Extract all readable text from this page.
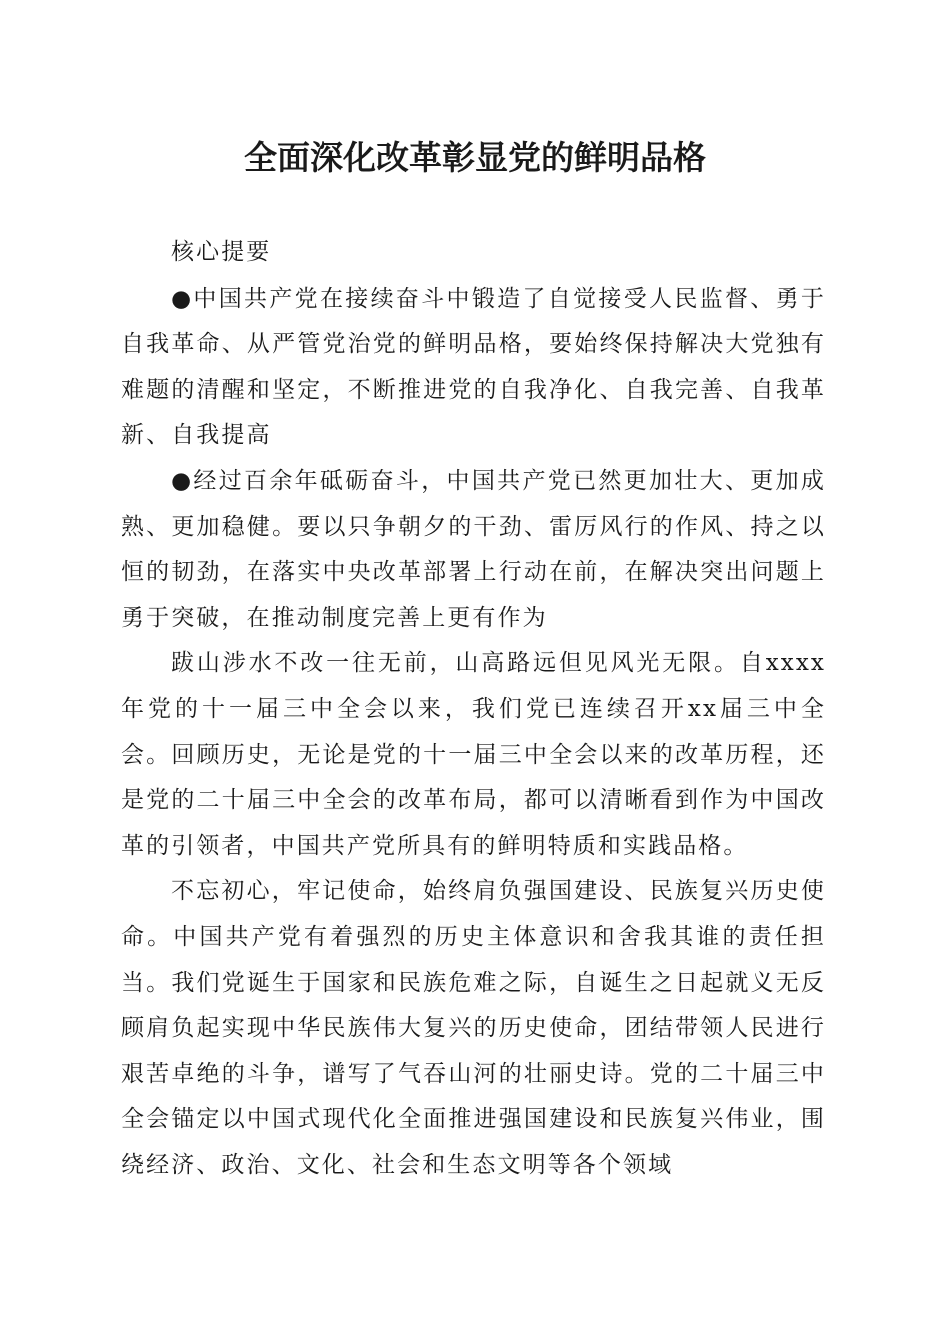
全面深化改革彰显党的鲜明品格

核心提要

●中国共产党在接续奋斗中锻造了自觉接受人民监督、勇于自我革命、从严管党治党的鲜明品格，要始终保持解决大党独有难题的清醒和坚定，不断推进党的自我净化、自我完善、自我革新、自我提高

●经过百余年砥砺奋斗，中国共产党已然更加壮大、更加成熟、更加稳健。要以只争朝夕的干劲、雷厉风行的作风、持之以恒的韧劲，在落实中央改革部署上行动在前，在解决突出问题上勇于突破，在推动制度完善上更有作为

跋山涉水不改一往无前，山高路远但见风光无限。自xxxx年党的十一届三中全会以来，我们党已连续召开xx届三中全会。回顾历史，无论是党的十一届三中全会以来的改革历程，还是党的二十届三中全会的改革布局，都可以清晰看到作为中国改革的引领者，中国共产党所具有的鲜明特质和实践品格。

不忘初心，牢记使命，始终肩负强国建设、民族复兴历史使命。中国共产党有着强烈的历史主体意识和舍我其谁的责任担当。我们党诞生于国家和民族危难之际，自诞生之日起就义无反顾肩负起实现中华民族伟大复兴的历史使命，团结带领人民进行艰苦卓绝的斗争，谱写了气吞山河的壮丽史诗。党的二十届三中全会锚定以中国式现代化全面推进强国建设和民族复兴伟业，围绕经济、政治、文化、社会和生态文明等各个领域
